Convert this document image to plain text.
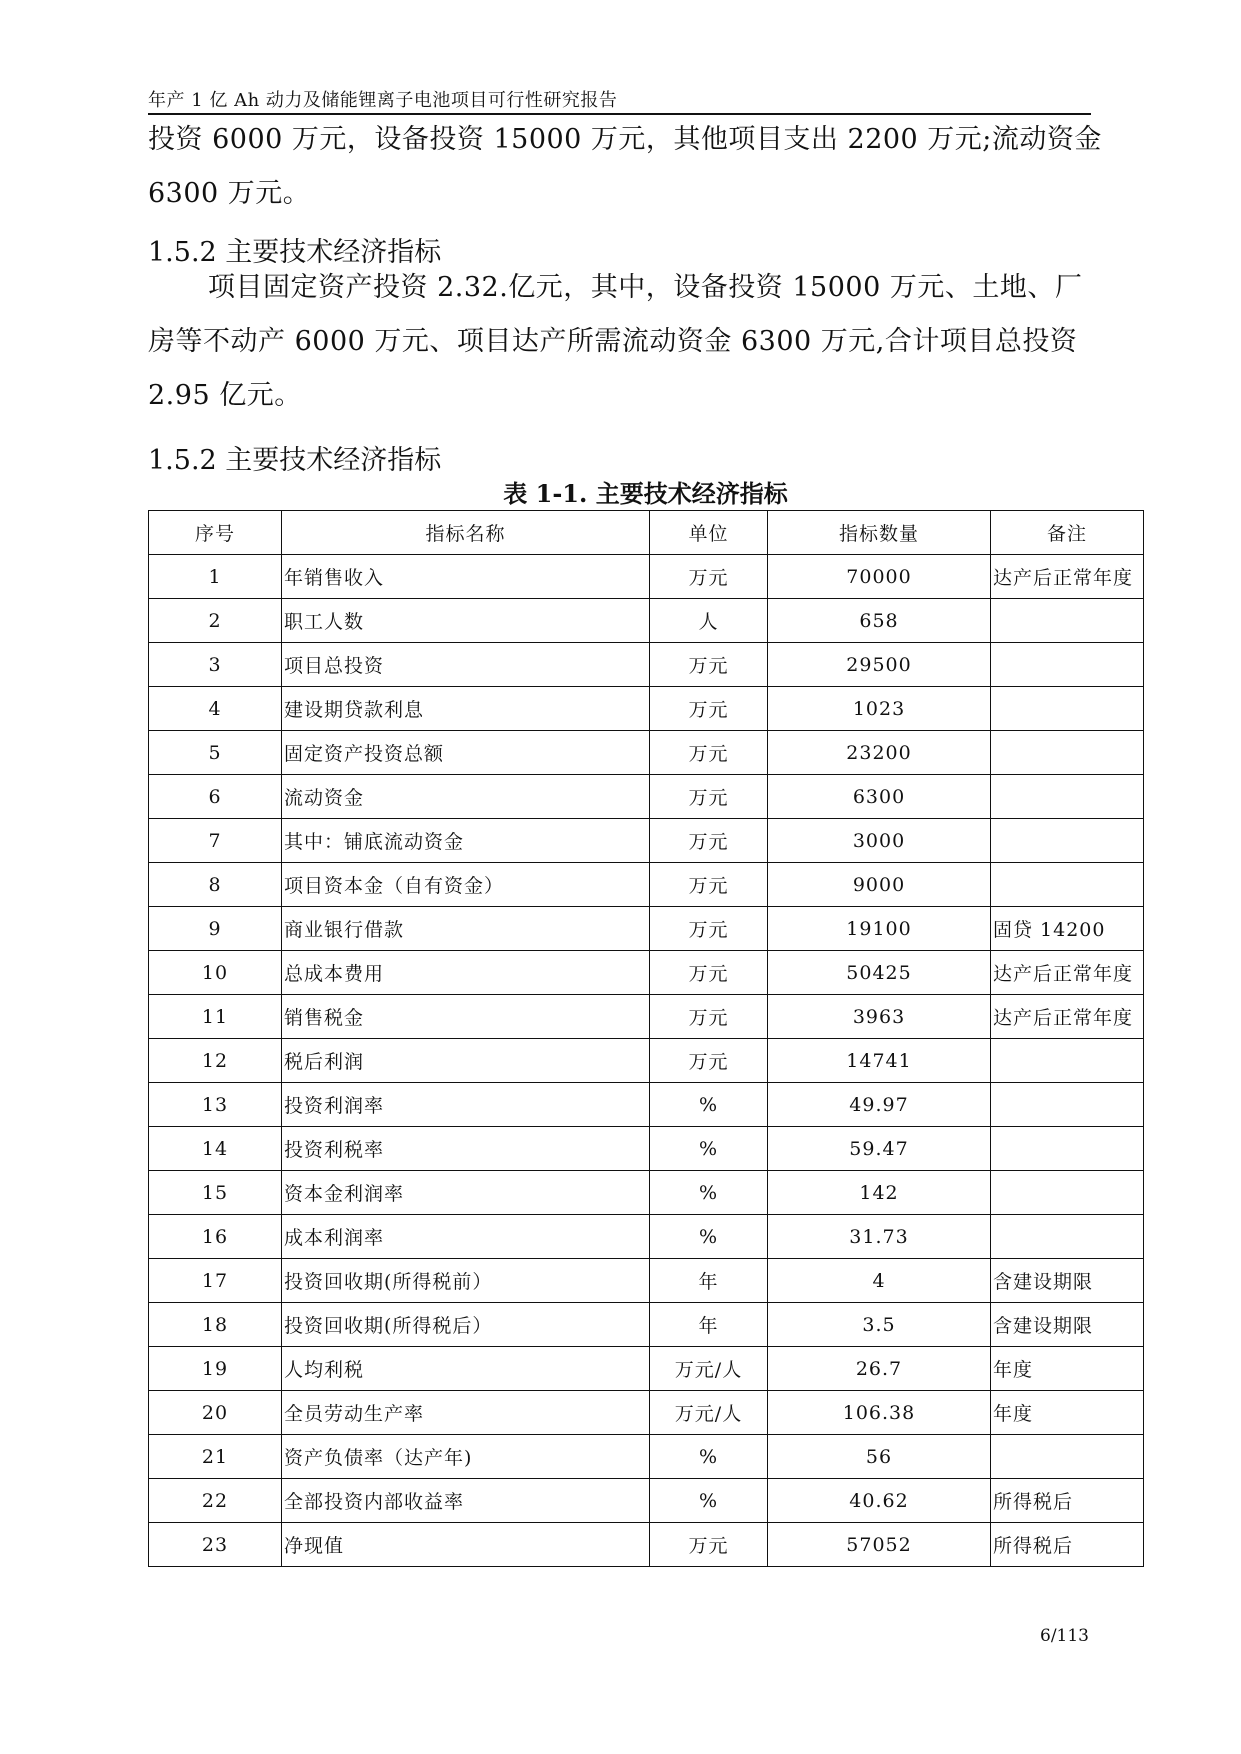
年产 1 亿 Ah 动力及储能锂离子电池项目可行性研究报告

投资 6000 万元，设备投资 15000 万元，其他项目支出 2200 万元;流动资金

6300 万元。

1.5.2 主要技术经济指标

项目固定资产投资 2.32.亿元，其中，设备投资 15000 万元、土地、厂

房等不动产 6000 万元、项目达产所需流动资金 6300 万元,合计项目总投资

2.95 亿元。

1.5.2 主要技术经济指标

表 1-1. 主要技术经济指标

序号	指标名称	单位	指标数量	备注
1	年销售收入	万元	70000	达产后正常年度
2	职工人数	人	658	
3	项目总投资	万元	29500	
4	建设期贷款利息	万元	1023	
5	固定资产投资总额	万元	23200	
6	流动资金	万元	6300	
7	其中：铺底流动资金	万元	3000	
8	项目资本金（自有资金）	万元	9000	
9	商业银行借款	万元	19100	固贷 14200
10	总成本费用	万元	50425	达产后正常年度
11	销售税金	万元	3963	达产后正常年度
12	税后利润	万元	14741	
13	投资利润率	%	49.97	
14	投资利税率	%	59.47	
15	资本金利润率	%	142	
16	成本利润率	%	31.73	
17	投资回收期(所得税前）	年	4	含建设期限
18	投资回收期(所得税后）	年	3.5	含建设期限
19	人均利税	万元/人	26.7	年度
20	全员劳动生产率	万元/人	106.38	年度
21	资产负债率（达产年)	%	56	
22	全部投资内部收益率	%	40.62	所得税后
23	净现值	万元	57052	所得税后
6/113
